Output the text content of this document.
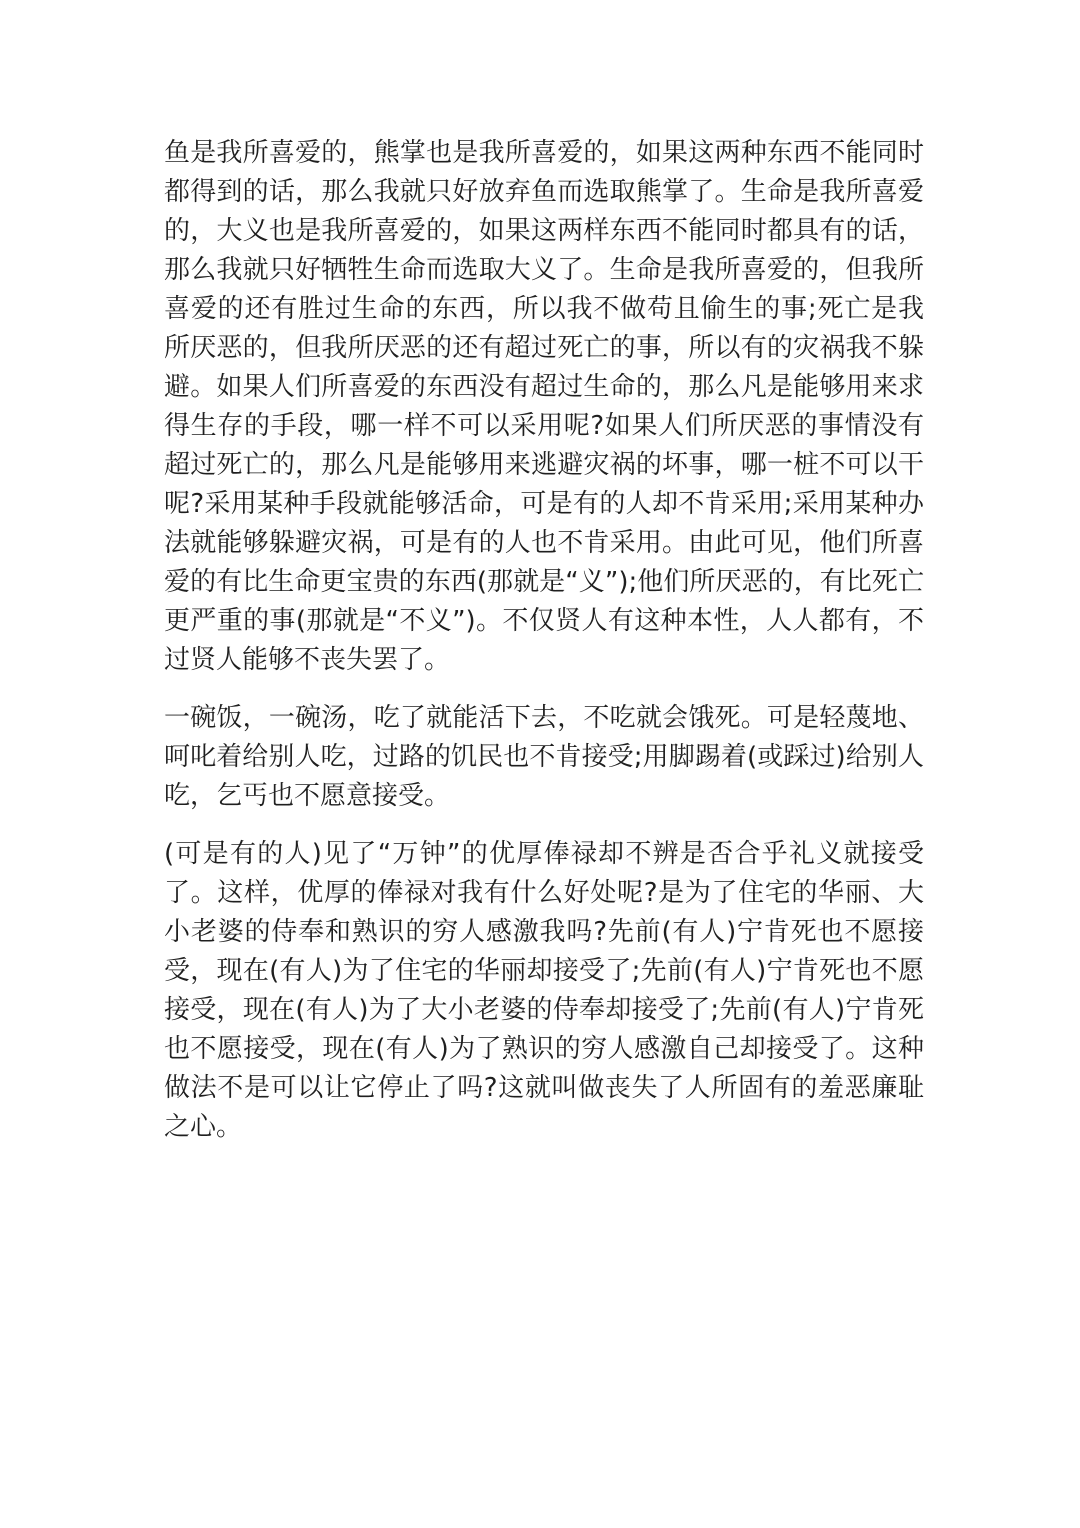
鱼是我所喜爱的，熊掌也是我所喜爱的，如果这两种东西不能同时都得到的话，那么我就只好放弃鱼而选取熊掌了。生命是我所喜爱的，大义也是我所喜爱的，如果这两样东西不能同时都具有的话，那么我就只好牺牲生命而选取大义了。生命是我所喜爱的，但我所喜爱的还有胜过生命的东西，所以我不做苟且偷生的事;死亡是我所厌恶的，但我所厌恶的还有超过死亡的事，所以有的灾祸我不躲避。如果人们所喜爱的东西没有超过生命的，那么凡是能够用来求得生存的手段，哪一样不可以采用呢?如果人们所厌恶的事情没有超过死亡的，那么凡是能够用来逃避灾祸的坏事，哪一桩不可以干呢?采用某种手段就能够活命，可是有的人却不肯采用;采用某种办法就能够躲避灾祸，可是有的人也不肯采用。由此可见，他们所喜爱的有比生命更宝贵的东西(那就是“义”);他们所厌恶的，有比死亡更严重的事(那就是“不义”)。不仅贤人有这种本性，人人都有，不过贤人能够不丧失罢了。

一碗饭，一碗汤，吃了就能活下去，不吃就会饿死。可是轻蔑地、呵叱着给别人吃，过路的饥民也不肯接受;用脚踢着(或踩过)给别人吃，乞丐也不愿意接受。

(可是有的人)见了“万钟”的优厚俸禄却不辨是否合乎礼义就接受了。这样，优厚的俸禄对我有什么好处呢?是为了住宅的华丽、大小老婆的侍奉和熟识的穷人感激我吗?先前(有人)宁肯死也不愿接受，现在(有人)为了住宅的华丽却接受了;先前(有人)宁肯死也不愿接受，现在(有人)为了大小老婆的侍奉却接受了;先前(有人)宁肯死也不愿接受，现在(有人)为了熟识的穷人感激自己却接受了。这种做法不是可以让它停止了吗?这就叫做丧失了人所固有的羞恶廉耻之心。
